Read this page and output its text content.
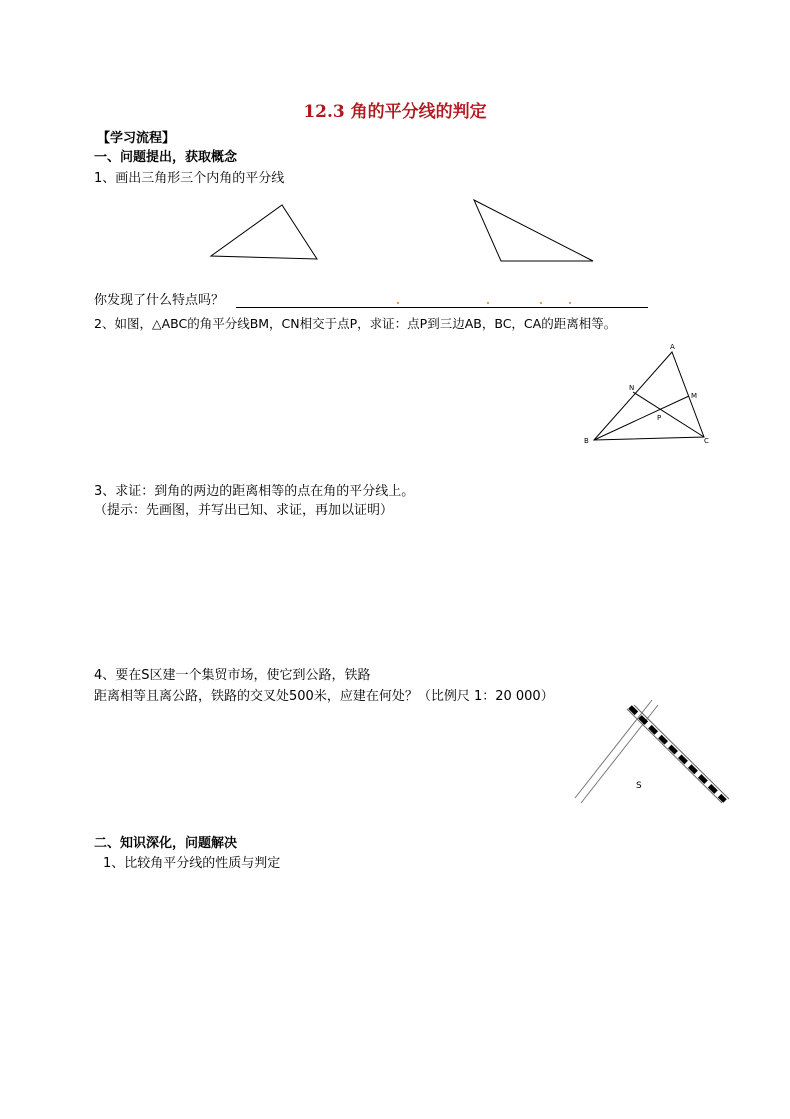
12.3 角的平分线的判定
【学习流程】
一、问题提出，获取概念
1、画出三角形三个内角的平分线
你发现了什么特点吗？
2、如图，△ABC的角平分线BM，CN相交于点P，求证：点P到三边AB，BC，CA的距离相等。
3、求证：到角的两边的距离相等的点在角的平分线上。
（提示：先画图，并写出已知、求证，再加以证明）
4、要在S区建一个集贸市场，使它到公路，铁路
距离相等且离公路，铁路的交叉处500米，应建在何处？（比例尺 1：20 000）
二、知识深化，问题解决
1、比较角平分线的性质与判定
A
B	C
M
N
P
S
